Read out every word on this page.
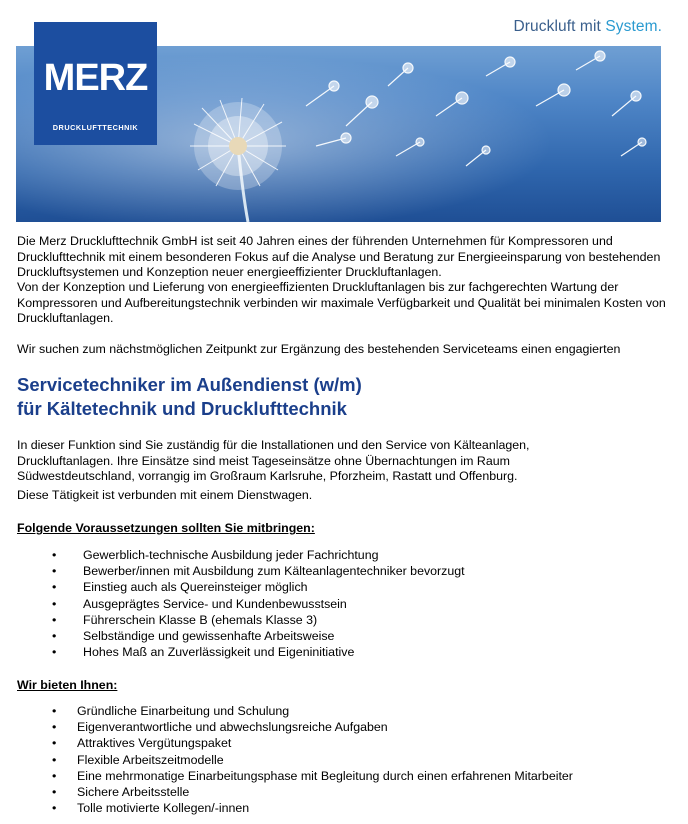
Druckluft mit System.
MERZ
DRUCKLUFTTECHNIK

Die Merz Drucklufttechnik GmbH ist seit 40 Jahren eines der führenden Unternehmen für Kompressoren und Drucklufttechnik mit einem besonderen Fokus auf die Analyse und Beratung zur Energieeinsparung von bestehenden Druckluftsystemen und Konzeption neuer energieeffizienter Druckluftanlagen.

Von der Konzeption und Lieferung von energieeffizienten Druckluftanlagen bis zur fachgerechten Wartung der Kompressoren und Aufbereitungstechnik verbinden wir maximale Verfügbarkeit und Qualität bei minimalen Kosten von Druckluftanlagen.

Wir suchen zum nächstmöglichen Zeitpunkt zur Ergänzung des bestehenden Serviceteams einen engagierten

Servicetechniker im Außendienst (w/m)
für Kältetechnik und Drucklufttechnik

In dieser Funktion sind Sie zuständig für die Installationen und den Service von Kälteanlagen, Druckluftanlagen. Ihre Einsätze sind meist Tageseinsätze ohne Übernachtungen im Raum Südwestdeutschland, vorrangig im Großraum Karlsruhe, Pforzheim, Rastatt und Offenburg.

Diese Tätigkeit ist verbunden mit einem Dienstwagen.

Folgende Voraussetzungen sollten Sie mitbringen:

• Gewerblich-technische Ausbildung jeder Fachrichtung
• Bewerber/innen mit Ausbildung zum Kälteanlagentechniker bevorzugt
• Einstieg auch als Quereinsteiger möglich
• Ausgeprägtes Service- und Kundenbewusstsein
• Führerschein Klasse B (ehemals Klasse 3)
• Selbständige und gewissenhafte Arbeitsweise
• Hohes Maß an Zuverlässigkeit und Eigeninitiative

Wir bieten Ihnen:

• Gründliche Einarbeitung und Schulung
• Eigenverantwortliche und abwechslungsreiche Aufgaben
• Attraktives Vergütungspaket
• Flexible Arbeitszeitmodelle
• Eine mehrmonatige Einarbeitungsphase mit Begleitung durch einen erfahrenen Mitarbeiter
• Sichere Arbeitsstelle
• Tolle motivierte Kollegen/-innen
